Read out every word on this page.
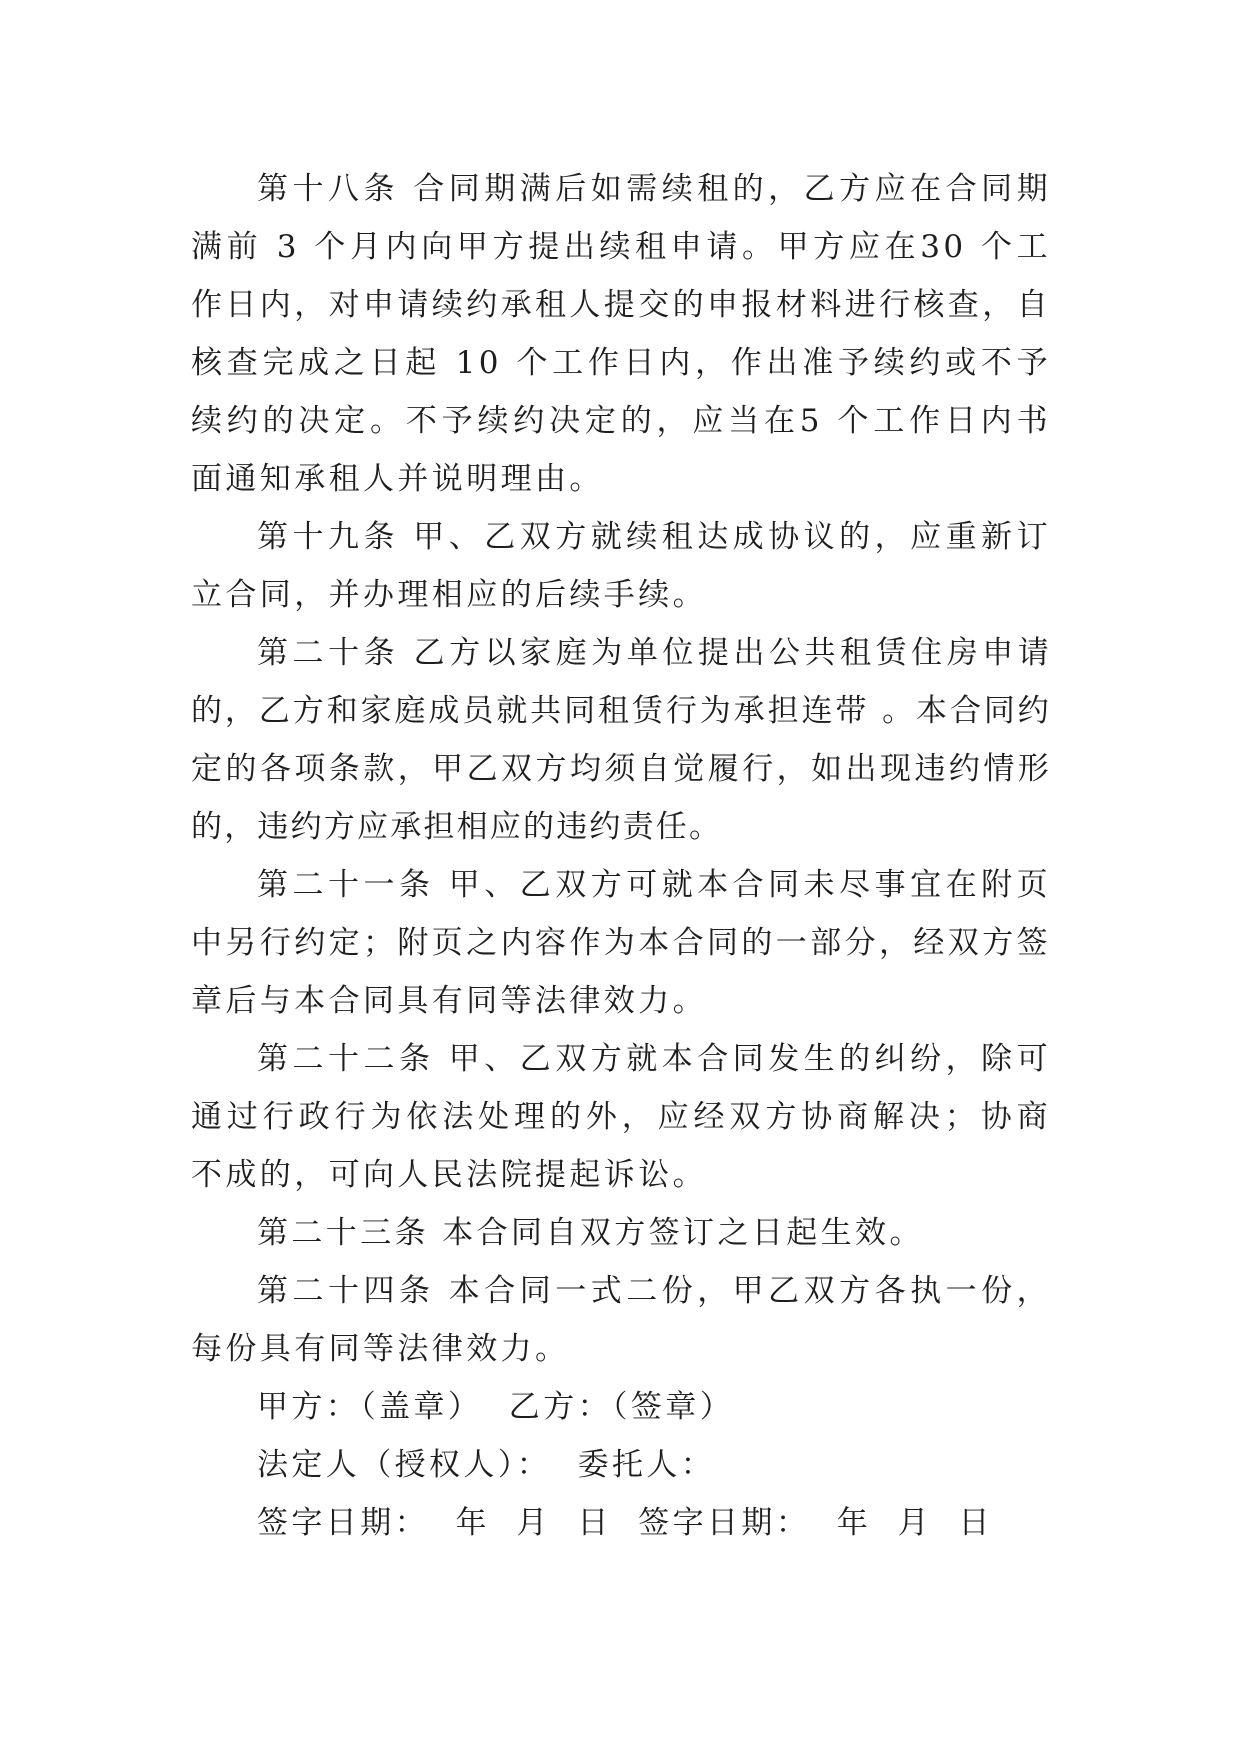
第十八条 合同期满后如需续租的，乙方应在合同期满前 3 个月内向甲方提出续租申请。甲方应在30 个工作日内，对申请续约承租人提交的申报材料进行核查，自核查完成之日起 10 个工作日内，作出准予续约或不予续约的决定。不予续约决定的，应当在5 个工作日内书面通知承租人并说明理由。

第十九条 甲、乙双方就续租达成协议的，应重新订立合同，并办理相应的后续手续。

第二十条 乙方以家庭为单位提出公共租赁住房申请的，乙方和家庭成员就共同租赁行为承担连带 。本合同约定的各项条款，甲乙双方均须自觉履行，如出现违约情形的，违约方应承担相应的违约责任。

第二十一条 甲、乙双方可就本合同未尽事宜在附页中另行约定；附页之内容作为本合同的一部分，经双方签章后与本合同具有同等法律效力。

第二十二条 甲、乙双方就本合同发生的纠纷，除可通过行政行为依法处理的外，应经双方协商解决；协商 不成的，可向人民法院提起诉讼。

第二十三条 本合同自双方签订之日起生效。

第二十四条 本合同一式二份，甲乙双方各执一份，每份具有同等法律效力。

甲方：（盖章）  乙方：（签章）

法定人（授权人）：  委托人：

签字日期：  年  月  日  签字日期：  年  月  日
